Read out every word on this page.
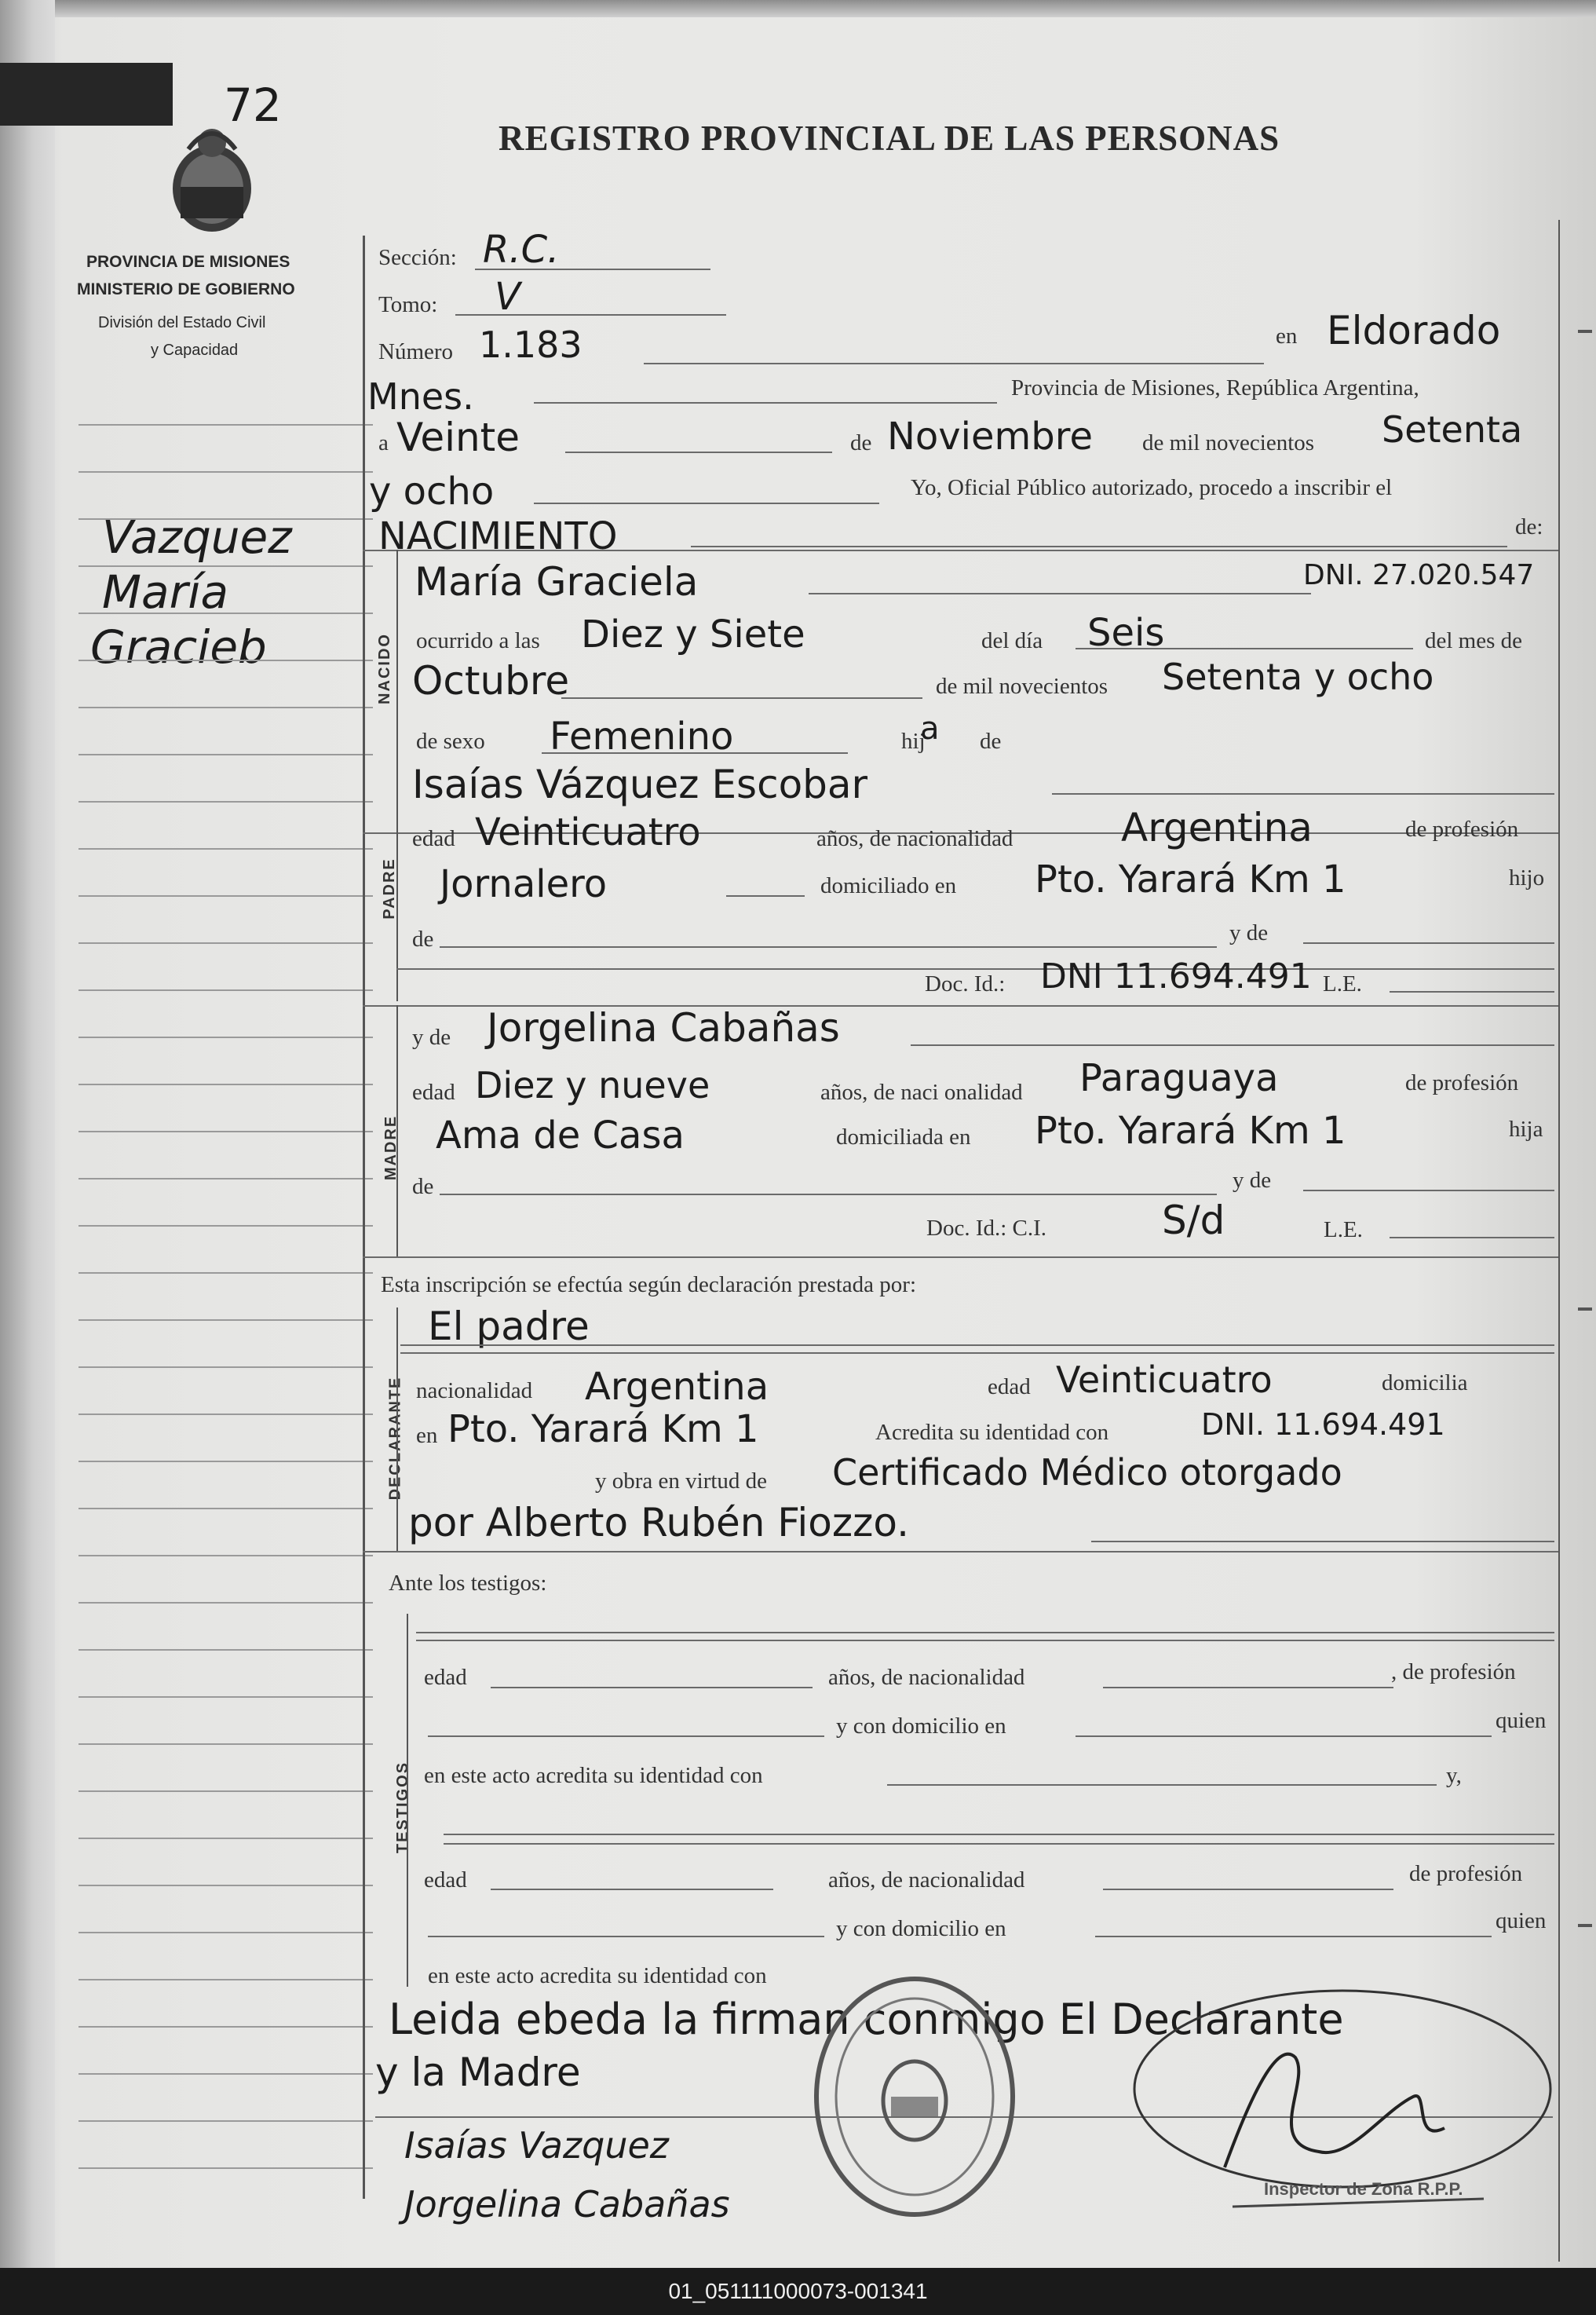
72
REGISTRO PROVINCIAL DE LAS PERSONAS
PROVINCIA DE MISIONES
MINISTERIO DE GOBIERNO
División del Estado Civil
y Capacidad
Vazquez
María
Gracieb
Sección: R.C.
Tomo: V
Número 1.183	en Eldorado
Mnes.	Provincia de Misiones, República Argentina,
a Veinte	de Noviembre de mil novecientos Setenta
y ocho	Yo, Oficial Público autorizado, procedo a inscribir el
NACIMIENTO	de:
NACIDO
María Graciela	DNI. 27.020.547
ocurrido a las Diez y Siete	del día Seis	del mes de
Octubre	de mil novecientos Setenta y ocho
de sexo Femenino	hij
a de
PADRE
Isaías Vázquez Escobar
edad Veinticuatro	años, de nacionalidad	Argentina	de profesión
Jornalero	domiciliado en Pto. Yarará Km 1	hijo
de	y de
Doc. Id.: DNI 11.694.491 L.E.
MADRE
y de Jorgelina Cabañas
edad Diez y nueve	años, de naci onalidad Paraguaya	de profesión
Ama de Casa	domiciliada en Pto. Yarará Km 1	hija
de	y de
Doc. Id.: C.I.	S/d	L.E.
Esta inscripción se efectúa según declaración prestada por:
DECLARANTE
El padre
nacionalidad Argentina	edad Veinticuatro	domicilia
en Pto. Yarará Km 1	Acredita su identidad con	DNI. 11.694.491
y obra en virtud de Certificado Médico otorgado
por Alberto Rubén Fiozzo.
Ante los testigos:
TESTIGOS
edad	años, de nacionalidad	, de profesión
y con domicilio en	quien
en este acto acredita su identidad con	y,
edad	años, de nacionalidad	de profesión
y con domicilio en	quien
en este acto acredita su identidad con
Leida ebeda la firman conmigo El Declarante
y la Madre
Isaías Vazquez
Jorgelina Cabañas	Inspector de Zona R.P.P.
01_051111000073-001341
